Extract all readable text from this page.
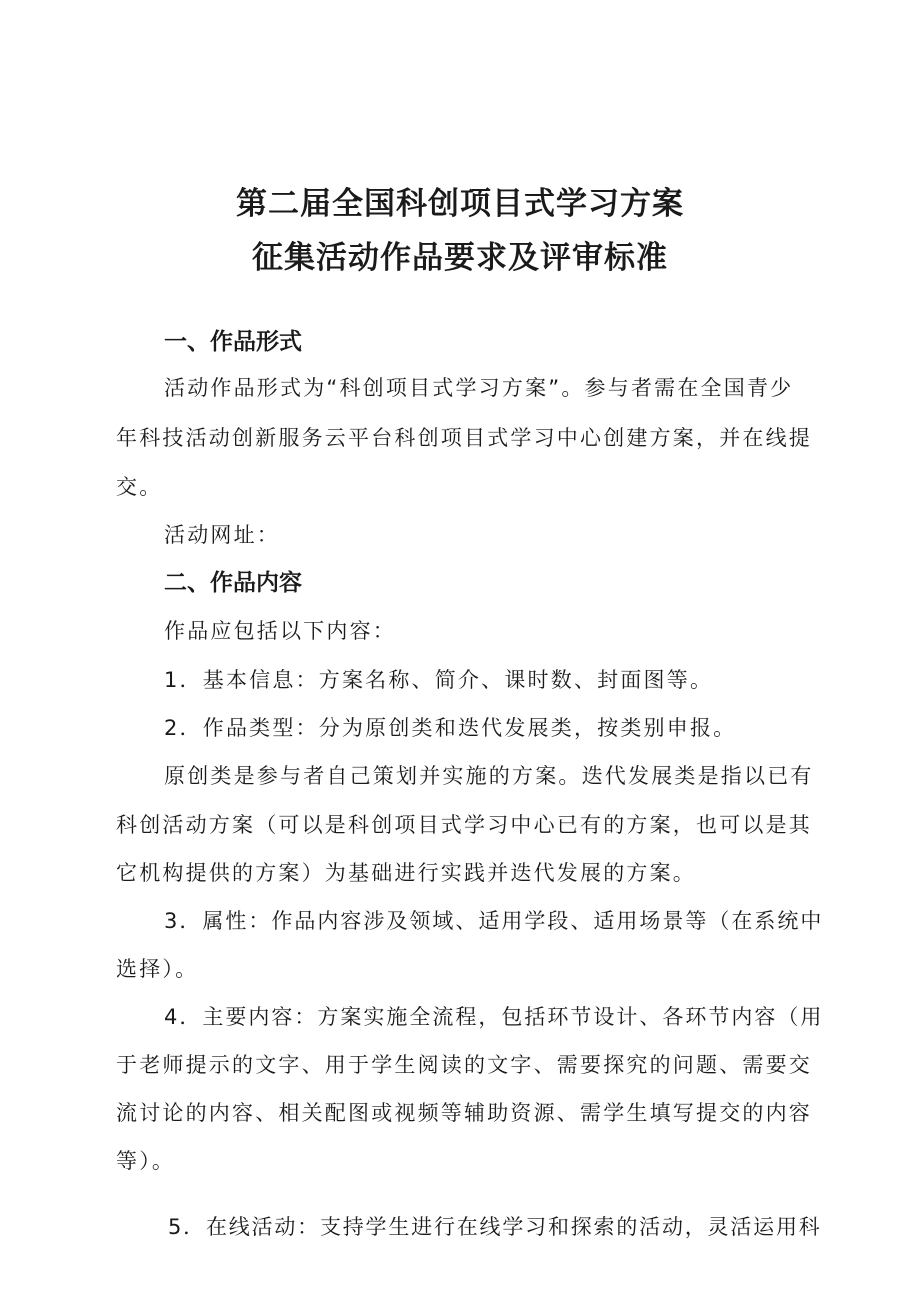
第二届全国科创项目式学习方案
征集活动作品要求及评审标准
一、作品形式
活动作品形式为“科创项目式学习方案”。参与者需在全国青少
年科技活动创新服务云平台科创项目式学习中心创建方案，并在线提
交。
活动网址：
二、作品内容
作品应包括以下内容：
1．基本信息：方案名称、简介、课时数、封面图等。
2．作品类型：分为原创类和迭代发展类，按类别申报。
原创类是参与者自己策划并实施的方案。迭代发展类是指以已有
科创活动方案（可以是科创项目式学习中心已有的方案，也可以是其
它机构提供的方案）为基础进行实践并迭代发展的方案。
3．属性：作品内容涉及领域、适用学段、适用场景等（在系统中
选择）。
4．主要内容：方案实施全流程，包括环节设计、各环节内容（用
于老师提示的文字、用于学生阅读的文字、需要探究的问题、需要交
流讨论的内容、相关配图或视频等辅助资源、需学生填写提交的内容
等）。
5．在线活动：支持学生进行在线学习和探索的活动，灵活运用科
